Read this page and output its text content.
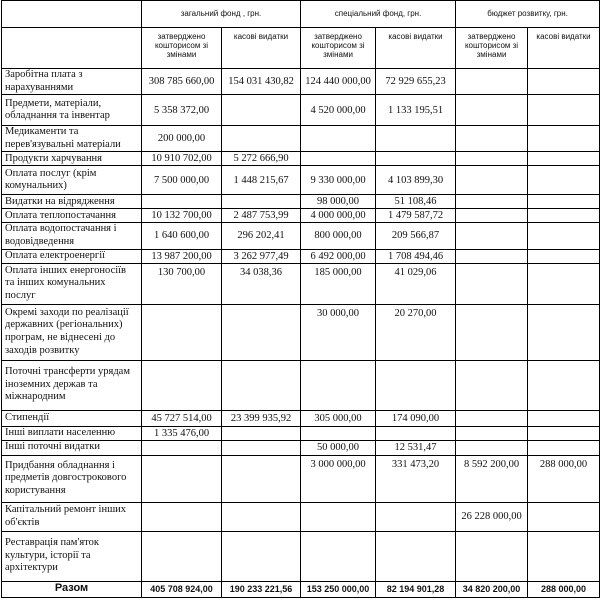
	загальний фонд , грн.		спеціальний фонд, грн.		бюджет розвитку, грн.	
	затверджено кошторисом зі змінами	касові видатки	затверджено кошторисом зі змінами	касові видатки	затверджено кошторисом зі змінами	касові видатки
Заробітна плата з нарахуваннями	308 785 660,00	154 031 430,82	124 440 000,00	72 929 655,23		
Предмети, матеріали, обладнання та інвентар	5 358 372,00		4 520 000,00	1 133 195,51		
Медикаменти та перев'язувальні матеріали	200 000,00					
Продукти харчування	10 910 702,00	5 272 666,90				
Оплата послуг (крім комунальних)	7 500 000,00	1 448 215,67	9 330 000,00	4 103 899,30		
Видатки на відрядження			98 000,00	51 108,46		
Оплата теплопостачання	10 132 700,00	2 487 753,99	4 000 000,00	1 479 587,72		
Оплата водопостачання і водовідведення	1 640 600,00	296 202,41	800 000,00	209 566,87		
Оплата електроенергії	13 987 200,00	3 262 977,49	6 492 000,00	1 708 494,46		
Оплата інших енергоносіїв та інших комунальних послуг	130 700,00	34 038,36	185 000,00	41 029,06		
Окремі заходи по реалізації державних (регіональних) програм, не віднесені до заходів розвитку			30 000,00	20 270,00		
Поточні трансферти урядам іноземних держав та міжнародним						
Стипендії	45 727 514,00	23 399 935,92	305 000,00	174 090,00		
Інші виплати населенню	1 335 476,00					
Інші поточні видатки			50 000,00	12 531,47		
Придбання обладнання і предметів довгострокового користування			3 000 000,00	331 473,20	8 592 200,00	288 000,00
Капітальний ремонт інших об'єктів					26 228 000,00	
Реставрація пам'яток культури, історії та архітектури						
Разом	405 708 924,00	190 233 221,56	153 250 000,00	82 194 901,28	34 820 200,00	288 000,00
